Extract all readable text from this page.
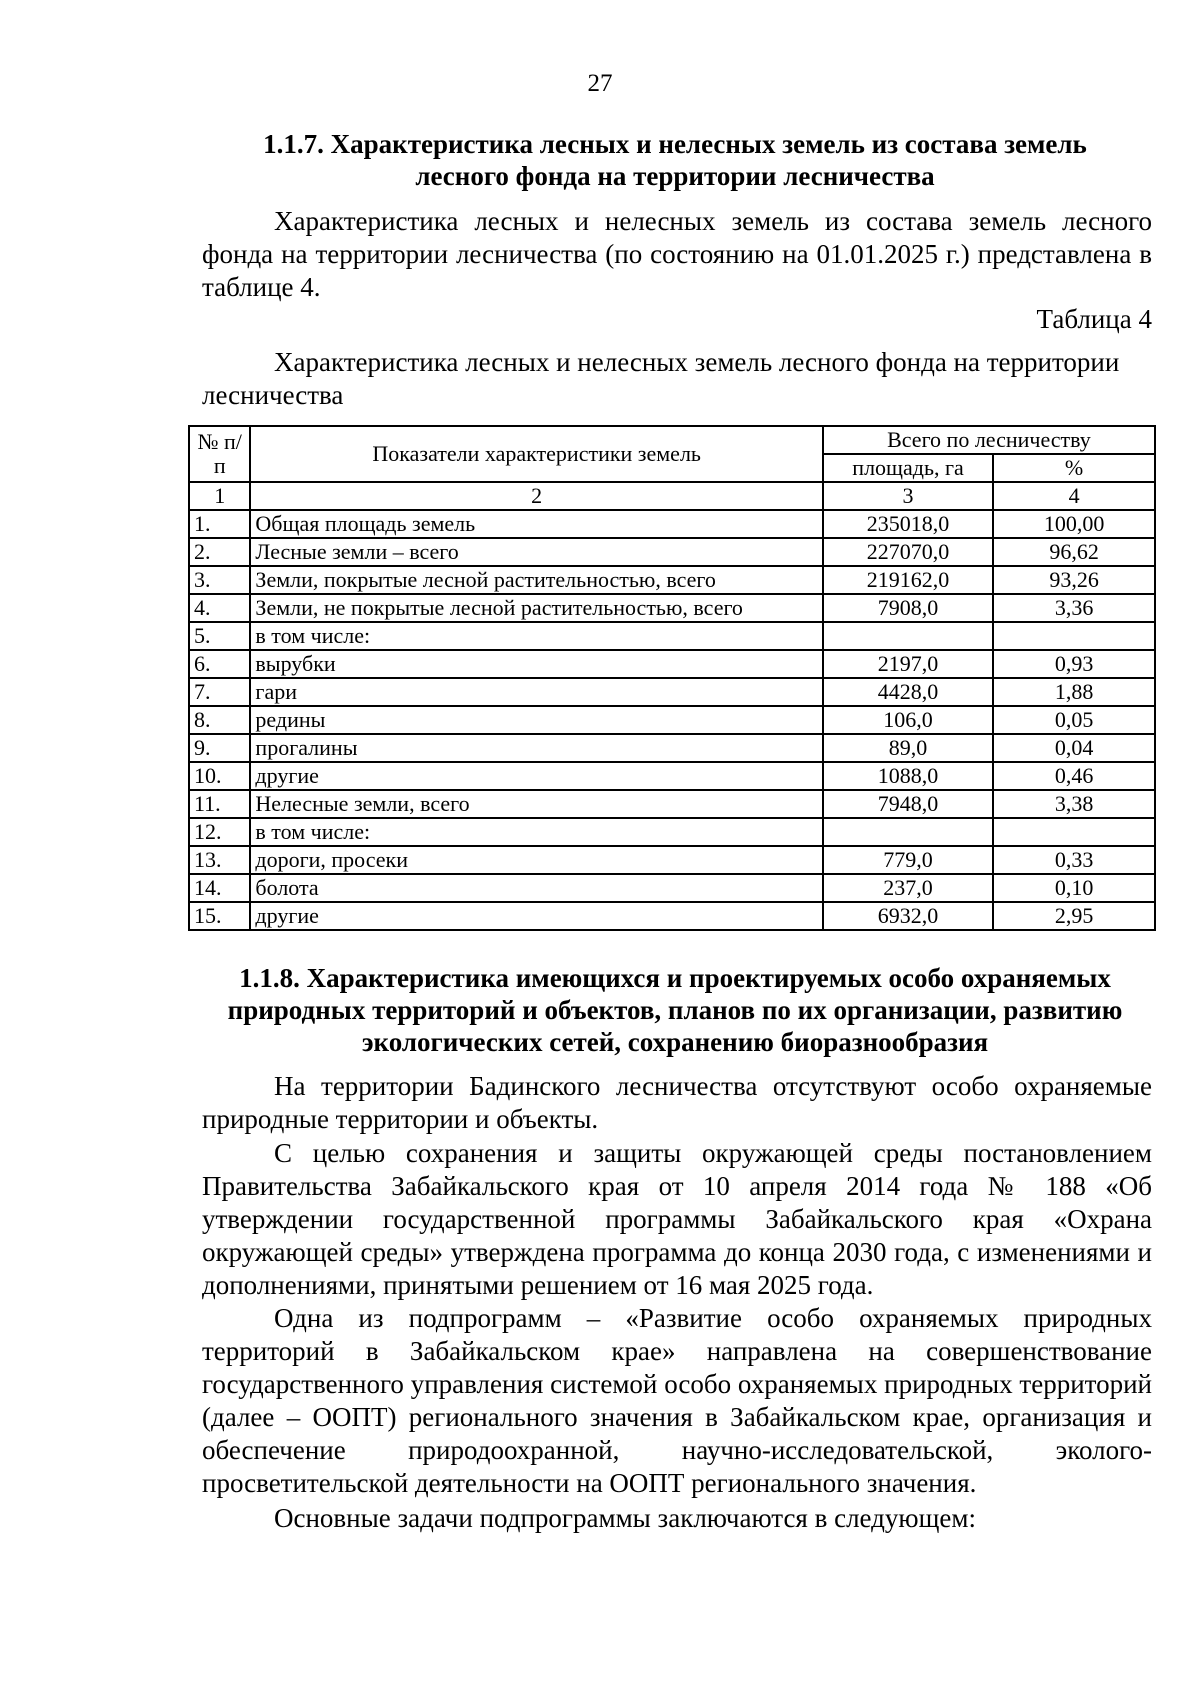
27
1.1.7. Характеристика лесных и нелесных земель из состава земель
лесного фонда на территории лесничества
Характеристика лесных и нелесных земель из состава земель лесного фонда на территории лесничества (по состоянию на 01.01.2025 г.) представлена в таблице 4.
Таблица 4
Характеристика лесных и нелесных земель лесного фонда на территории лесничества
№ п/п	Показатели характеристики земель	Всего по лесничеству	
		площадь, га	%
1	2	3	4
1.	Общая площадь земель	235018,0	100,00
2.	Лесные земли – всего	227070,0	96,62
3.	Земли, покрытые лесной растительностью, всего	219162,0	93,26
4.	Земли, не покрытые лесной растительностью, всего	7908,0	3,36
5.	в том числе:		
6.	вырубки	2197,0	0,93
7.	гари	4428,0	1,88
8.	редины	106,0	0,05
9.	прогалины	89,0	0,04
10.	другие	1088,0	0,46
11.	Нелесные земли, всего	7948,0	3,38
12.	в том числе:		
13.	дороги, просеки	779,0	0,33
14.	болота	237,0	0,10
15.	другие	6932,0	2,95
1.1.8. Характеристика имеющихся и проектируемых особо охраняемых
природных территорий и объектов, планов по их организации, развитию
экологических сетей, сохранению биоразнообразия
На территории Бадинского лесничества отсутствуют особо охраняемые природные территории и объекты.
С целью сохранения и защиты окружающей среды постановлением Правительства Забайкальского края от 10 апреля 2014 года № 188 «Об утверждении государственной программы Забайкальского края «Охрана окружающей среды» утверждена программа до конца 2030 года, с изменениями и дополнениями, принятыми решением от 16 мая 2025 года.
Одна из подпрограмм – «Развитие особо охраняемых природных территорий в Забайкальском крае» направлена на совершенствование государственного управления системой особо охраняемых природных территорий (далее – ООПТ) регионального значения в Забайкальском крае, организация и обеспечение природоохранной, научно-исследовательской, эколого-просветительской деятельности на ООПТ регионального значения.
Основные задачи подпрограммы заключаются в следующем:
